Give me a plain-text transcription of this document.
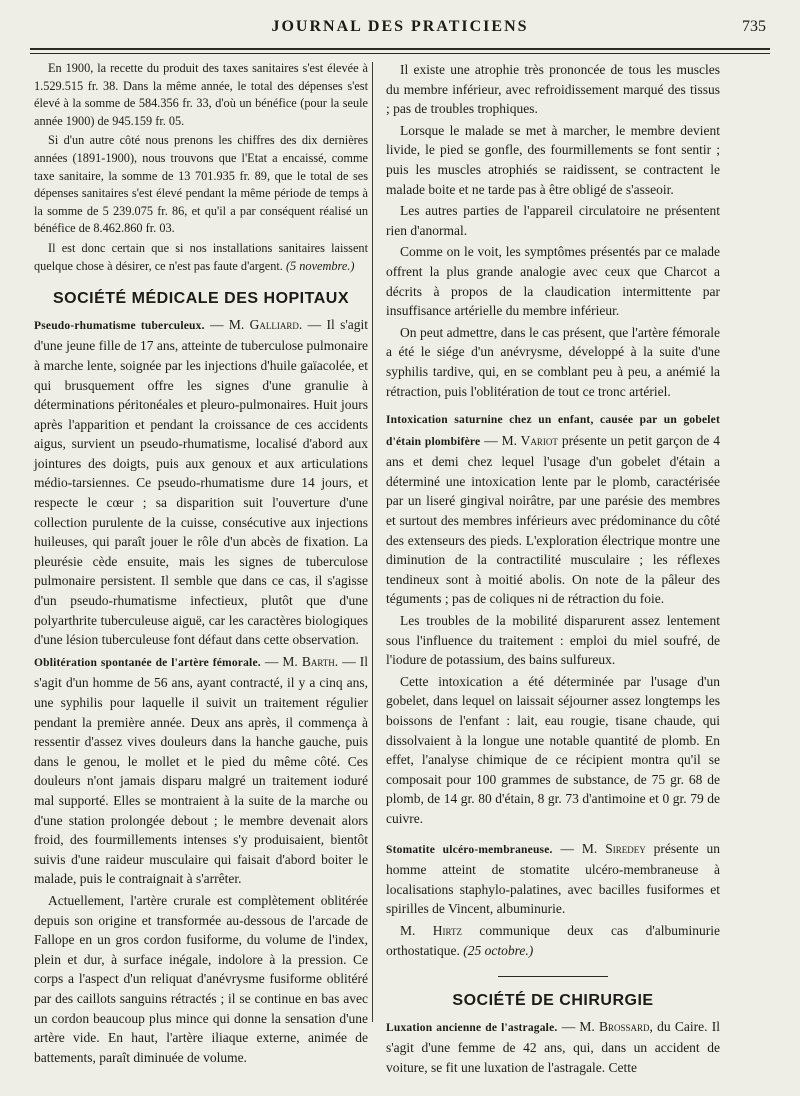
JOURNAL DES PRATICIENS	735

En 1900, la recette du produit des taxes sanitaires s'est élevée à 1.529.515 fr. 38. Dans la même année, le total des dépenses s'est élevé à la somme de 584.356 fr. 33, d'où un bénéfice (pour la seule année 1900) de 945.159 fr. 05.

Si d'un autre côté nous prenons les chiffres des dix dernières années (1891-1900), nous trouvons que l'Etat a encaissé, comme taxe sanitaire, la somme de 13 701.935 fr. 89, que le total de ses dépenses sanitaires s'est élevé pendant la même période de temps à la somme de 5 239.075 fr. 86, et qu'il a par conséquent réalisé un bénéfice de 8.462.860 fr. 03.

Il est donc certain que si nos installations sanitaires laissent quelque chose à désirer, ce n'est pas faute d'argent. (5 novembre.)

SOCIÉTÉ MÉDICALE DES HOPITAUX

Pseudo-rhumatisme tuberculeux. — M. Galliard. — Il s'agit d'une jeune fille de 17 ans, atteinte de tuberculose pulmonaire à marche lente, soignée par les injections d'huile gaïacolée, et qui brusquement offre les signes d'une granulie à déterminations péritonéales et pleuro-pulmonaires. Huit jours après l'apparition et pendant la croissance de ces accidents aigus, survient un pseudo-rhumatisme, localisé d'abord aux jointures des doigts, puis aux genoux et aux articulations médio-tarsiennes. Ce pseudo-rhumatisme dure 14 jours, et respecte le cœur ; sa disparition suit l'ouverture d'une collection purulente de la cuisse, consécutive aux injections huileuses, qui paraît jouer le rôle d'un abcès de fixation. La pleurésie cède ensuite, mais les signes de tuberculose pulmonaire persistent. Il semble que dans ce cas, il s'agisse d'un pseudo-rhumatisme infectieux, plutôt que d'une polyarthrite tuberculeuse aiguë, car les caractères biologiques d'une lésion tuberculeuse font défaut dans cette observation.

Oblitération spontanée de l'artère fémorale. — M. Barth. — Il s'agit d'un homme de 56 ans, ayant contracté, il y a cinq ans, une syphilis pour laquelle il suivit un traitement régulier pendant la première année. Deux ans après, il commença à ressentir d'assez vives douleurs dans la hanche gauche, puis dans le genou, le mollet et le pied du même côté. Ces douleurs n'ont jamais disparu malgré un traitement ioduré mal supporté. Elles se montraient à la suite de la marche ou d'une station prolongée debout ; le membre devenait alors froid, des fourmillements intenses s'y produisaient, bientôt suivis d'une raideur musculaire qui faisait d'abord boiter le malade, puis le contraignait à s'arrêter.

Actuellement, l'artère crurale est complètement oblitérée depuis son origine et transformée au-dessous de l'arcade de Fallope en un gros cordon fusiforme, du volume de l'index, plein et dur, à surface inégale, indolore à la pression. Ce corps a l'aspect d'un reliquat d'anévrysme fusiforme oblitéré par des caillots sanguins rétractés ; il se continue en bas avec un cordon beaucoup plus mince qui donne la sensation d'une artère vide. En haut, l'artère iliaque externe, animée de battements, paraît diminuée de volume.

Il existe une atrophie très prononcée de tous les muscles du membre inférieur, avec refroidissement marqué des tissus ; pas de troubles trophiques.

Lorsque le malade se met à marcher, le membre devient livide, le pied se gonfle, des fourmillements se font sentir ; puis les muscles atrophiés se raidissent, se contractent le malade boite et ne tarde pas à être obligé de s'asseoir.

Les autres parties de l'appareil circulatoire ne présentent rien d'anormal.

Comme on le voit, les symptômes présentés par ce malade offrent la plus grande analogie avec ceux que Charcot a décrits à propos de la claudication intermittente par insuffisance artérielle du membre inférieur.

On peut admettre, dans le cas présent, que l'artère fémorale a été le siége d'un anévrysme, développé à la suite d'une syphilis tardive, qui, en se comblant peu à peu, a anémié la rétraction, puis l'oblitération de tout ce tronc artériel.

Intoxication saturnine chez un enfant, causée par un gobelet d'étain plombifère — M. Variot présente un petit garçon de 4 ans et demi chez lequel l'usage d'un gobelet d'étain a déterminé une intoxication lente par le plomb, caractérisée par un liseré gingival noirâtre, par une parésie des membres et surtout des membres inférieurs avec prédominance du côté des extenseurs des pieds. L'exploration électrique montre une diminution de la contractilité musculaire ; les réflexes tendineux sont à moitié abolis. On note de la pâleur des téguments ; pas de coliques ni de rétraction du foie.

Les troubles de la mobilité disparurent assez lentement sous l'influence du traitement : emploi du miel soufré, de l'iodure de potassium, des bains sulfureux.

Cette intoxication a été déterminée par l'usage d'un gobelet, dans lequel on laissait séjourner assez longtemps les boissons de l'enfant : lait, eau rougie, tisane chaude, qui dissolvaient à la longue une notable quantité de plomb. En effet, l'analyse chimique de ce récipient montra qu'il se composait pour 100 grammes de substance, de 75 gr. 68 de plomb, de 14 gr. 80 d'étain, 8 gr. 73 d'antimoine et 0 gr. 79 de cuivre.

Stomatite ulcéro-membraneuse. — M. Siredey présente un homme atteint de stomatite ulcéro-membraneuse à localisations staphylo-palatines, avec bacilles fusiformes et spirilles de Vincent, albuminurie.

M. Hirtz communique deux cas d'albuminurie orthostatique. (25 octobre.)

SOCIÉTÉ DE CHIRURGIE

Luxation ancienne de l'astragale. — M. Brossard, du Caire. Il s'agit d'une femme de 42 ans, qui, dans un accident de voiture, se fit une luxation de l'astragale. Cette
